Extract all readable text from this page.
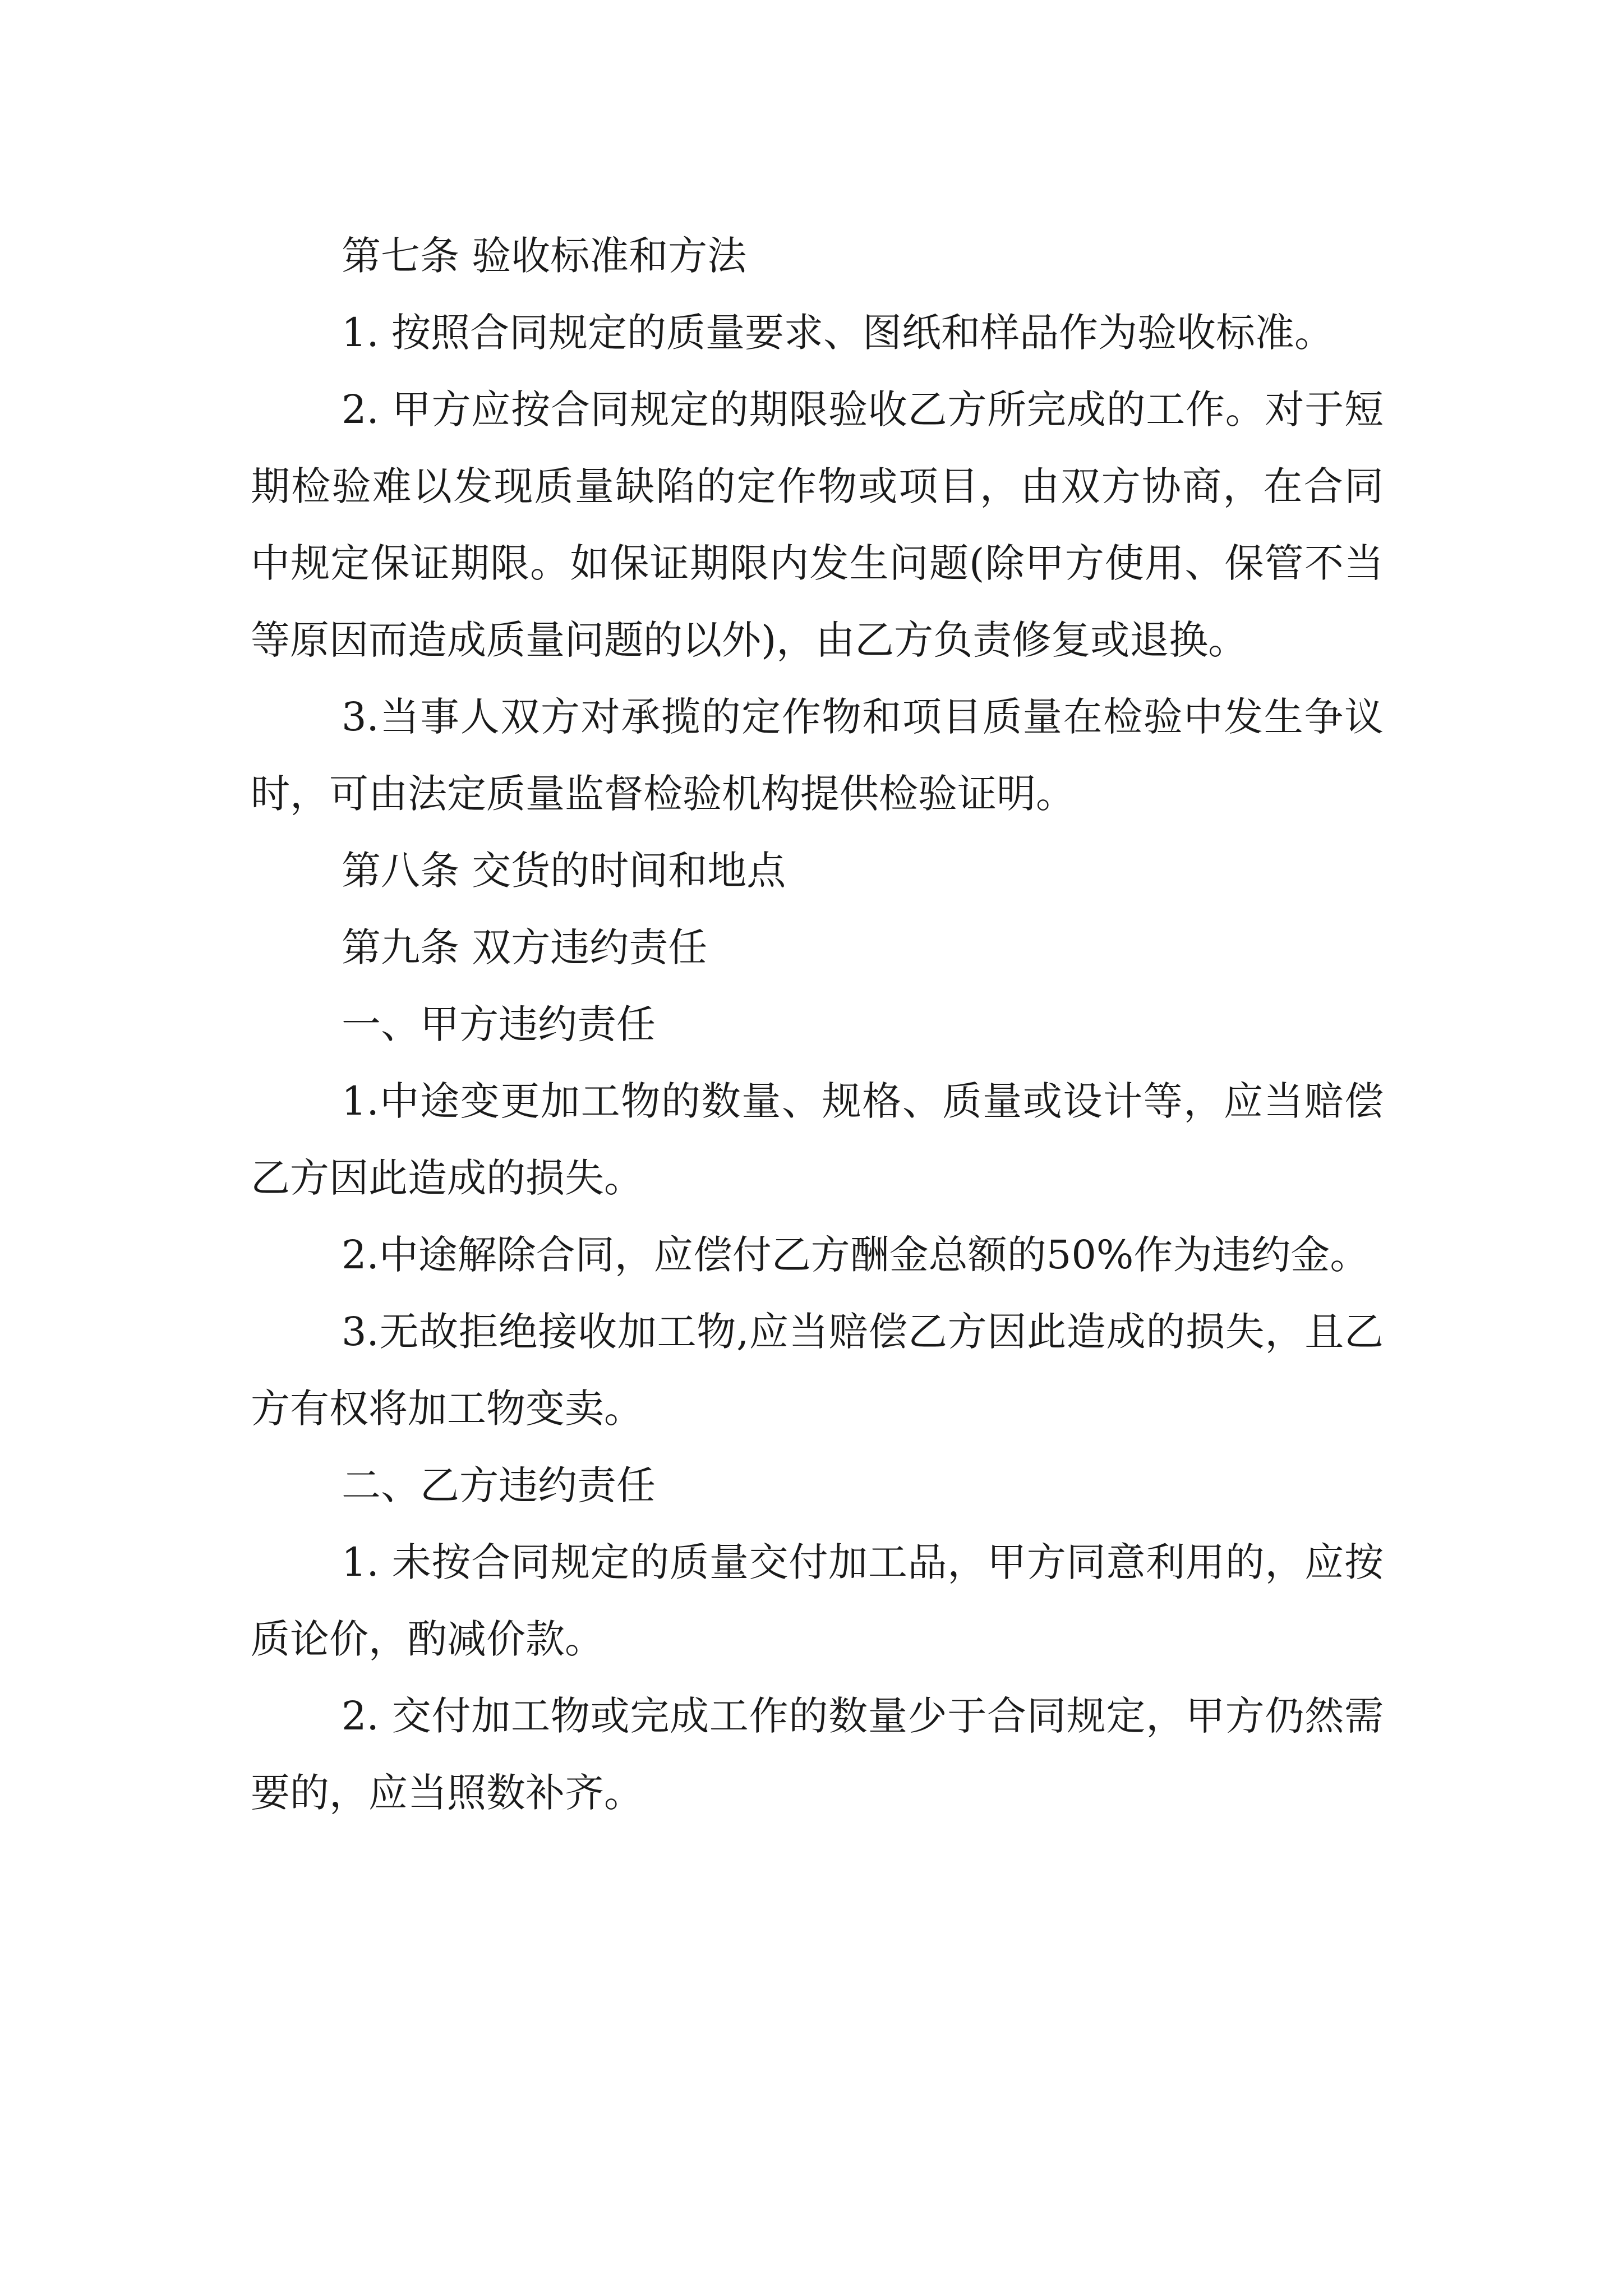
第七条 验收标准和方法

1. 按照合同规定的质量要求、图纸和样品作为验收标准。

2. 甲方应按合同规定的期限验收乙方所完成的工作。对于短期检验难以发现质量缺陷的定作物或项目，由双方协商，在合同中规定保证期限。如保证期限内发生问题(除甲方使用、保管不当等原因而造成质量问题的以外)，由乙方负责修复或退换。

3.当事人双方对承揽的定作物和项目质量在检验中发生争议时，可由法定质量监督检验机构提供检验证明。

第八条 交货的时间和地点

第九条 双方违约责任

一、甲方违约责任

1.中途变更加工物的数量、规格、质量或设计等，应当赔偿乙方因此造成的损失。

2.中途解除合同，应偿付乙方酬金总额的50%作为违约金。

3.无故拒绝接收加工物,应当赔偿乙方因此造成的损失，且乙方有权将加工物变卖。

二、乙方违约责任

1. 未按合同规定的质量交付加工品，甲方同意利用的，应按质论价，酌减价款。

2. 交付加工物或完成工作的数量少于合同规定，甲方仍然需要的，应当照数补齐。
